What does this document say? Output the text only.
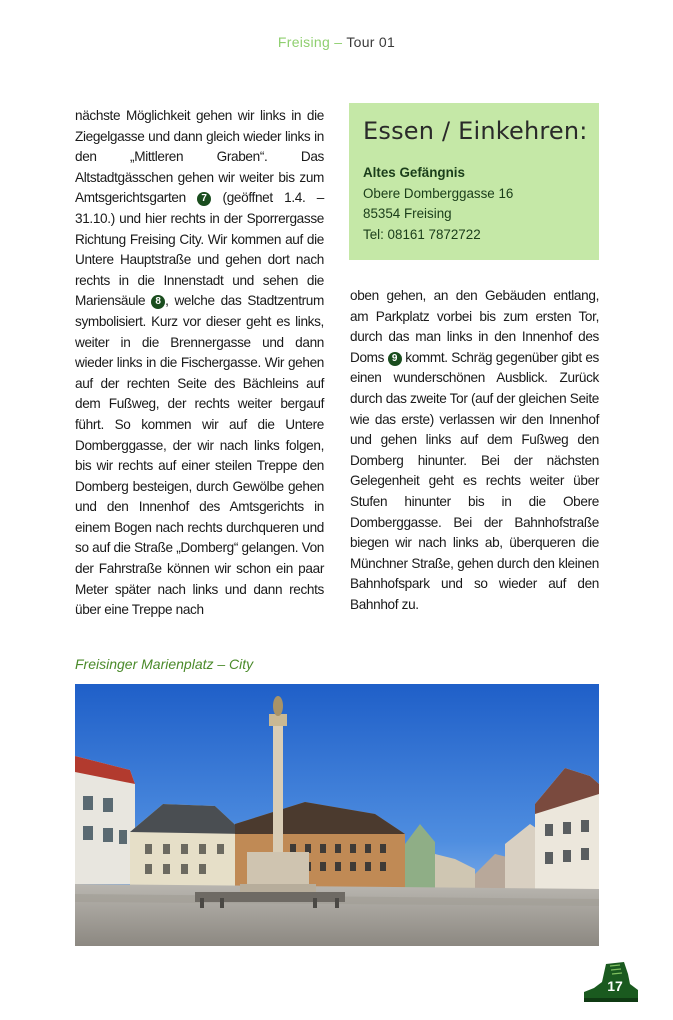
Freising – Tour 01
nächste Möglichkeit gehen wir links in die Ziegelgasse und dann gleich wieder links in den „Mittleren Graben“. Das Altstadtgässchen gehen wir weiter bis zum Amtsgerichtsgarten 7 (geöffnet 1.4. – 31.10.) und hier rechts in der Sporrergasse Richtung Freising City. Wir kommen auf die Untere Hauptstraße und gehen dort nach rechts in die Innenstadt und sehen die Mariensäule 8 , welche das Stadtzentrum symbolisiert. Kurz vor dieser geht es links, weiter in die Brennergasse und dann wieder links in die Fischergasse. Wir gehen auf der rechten Seite des Bächleins auf dem Fußweg, der rechts weiter bergauf führt. So kommen wir auf die Untere Domberggasse, der wir nach links folgen, bis wir rechts auf einer steilen Treppe den Domberg besteigen, durch Gewölbe gehen und den Innenhof des Amtsgerichts in einem Bogen nach rechts durchqueren und so auf die Straße „Domberg“ gelangen. Von der Fahrstraße können wir schon ein paar Meter später nach links und dann rechts über eine Treppe nach
Essen / Einkehren:
Altes Gefängnis
Obere Domberggasse 16
85354 Freising
Tel: 08161 7872722
oben gehen, an den Gebäuden entlang, am Parkplatz vorbei bis zum ersten Tor, durch das man links in den Innenhof des Doms 9 kommt. Schräg gegenüber gibt es einen wunderschönen Ausblick. Zurück durch das zweite Tor (auf der gleichen Seite wie das erste) verlassen wir den Innenhof und gehen links auf dem Fußweg den Domberg hinunter. Bei der nächsten Gelegenheit geht es rechts weiter über Stufen hinunter bis in die Obere Domberggasse. Bei der Bahnhofstraße biegen wir nach links ab, überqueren die Münchner Straße, gehen durch den kleinen Bahnhofspark und so wieder auf den Bahnhof zu.
Freisinger Marienplatz – City
17
